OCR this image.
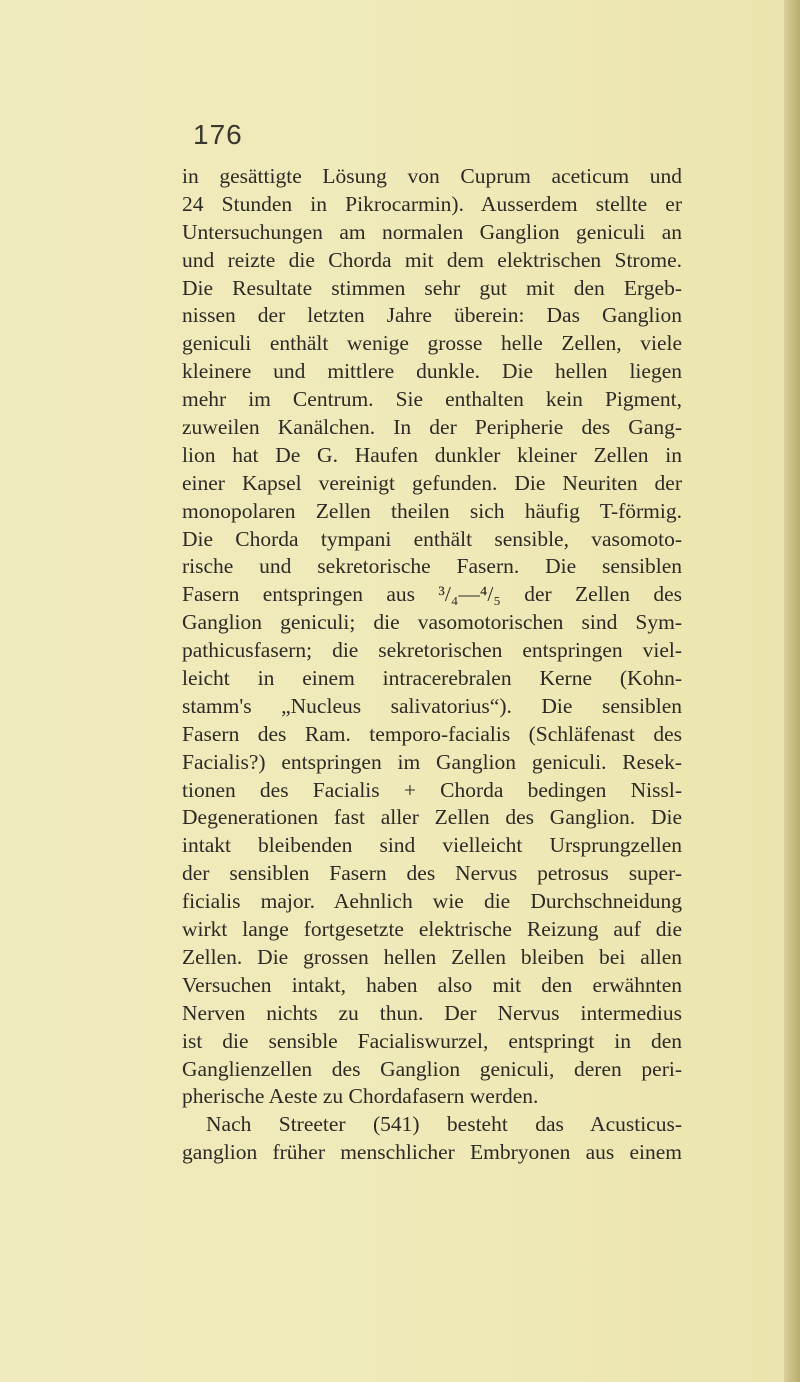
176
in gesättigte Lösung von Cuprum aceticum und
24 Stunden in Pikrocarmin). Ausserdem stellte er
Untersuchungen am normalen Ganglion geniculi an
und reizte die Chorda mit dem elektrischen Strome.
Die Resultate stimmen sehr gut mit den Ergeb-
nissen der letzten Jahre überein: Das Ganglion
geniculi enthält wenige grosse helle Zellen, viele
kleinere und mittlere dunkle. Die hellen liegen
mehr im Centrum. Sie enthalten kein Pigment,
zuweilen Kanälchen. In der Peripherie des Gang-
lion hat De G. Haufen dunkler kleiner Zellen in
einer Kapsel vereinigt gefunden. Die Neuriten der
monopolaren Zellen theilen sich häufig T-förmig.
Die Chorda tympani enthält sensible, vasomoto-
rische und sekretorische Fasern. Die sensiblen
Fasern entspringen aus ³/₄—⁴/₅ der Zellen des
Ganglion geniculi; die vasomotorischen sind Sym-
pathicusfasern; die sekretorischen entspringen viel-
leicht in einem intracerebralen Kerne (Kohn-
stamm's „Nucleus salivatorius“). Die sensiblen
Fasern des Ram. temporo-facialis (Schläfenast des
Facialis?) entspringen im Ganglion geniculi. Resek-
tionen des Facialis + Chorda bedingen Nissl-
Degenerationen fast aller Zellen des Ganglion. Die
intakt bleibenden sind vielleicht Ursprungzellen
der sensiblen Fasern des Nervus petrosus super-
ficialis major. Aehnlich wie die Durchschneidung
wirkt lange fortgesetzte elektrische Reizung auf die
Zellen. Die grossen hellen Zellen bleiben bei allen
Versuchen intakt, haben also mit den erwähnten
Nerven nichts zu thun. Der Nervus intermedius
ist die sensible Facialiswurzel, entspringt in den
Ganglienzellen des Ganglion geniculi, deren peri-
pherische Aeste zu Chordafasern werden.
Nach Streeter (541) besteht das Acusticus-
ganglion früher menschlicher Embryonen aus einem
